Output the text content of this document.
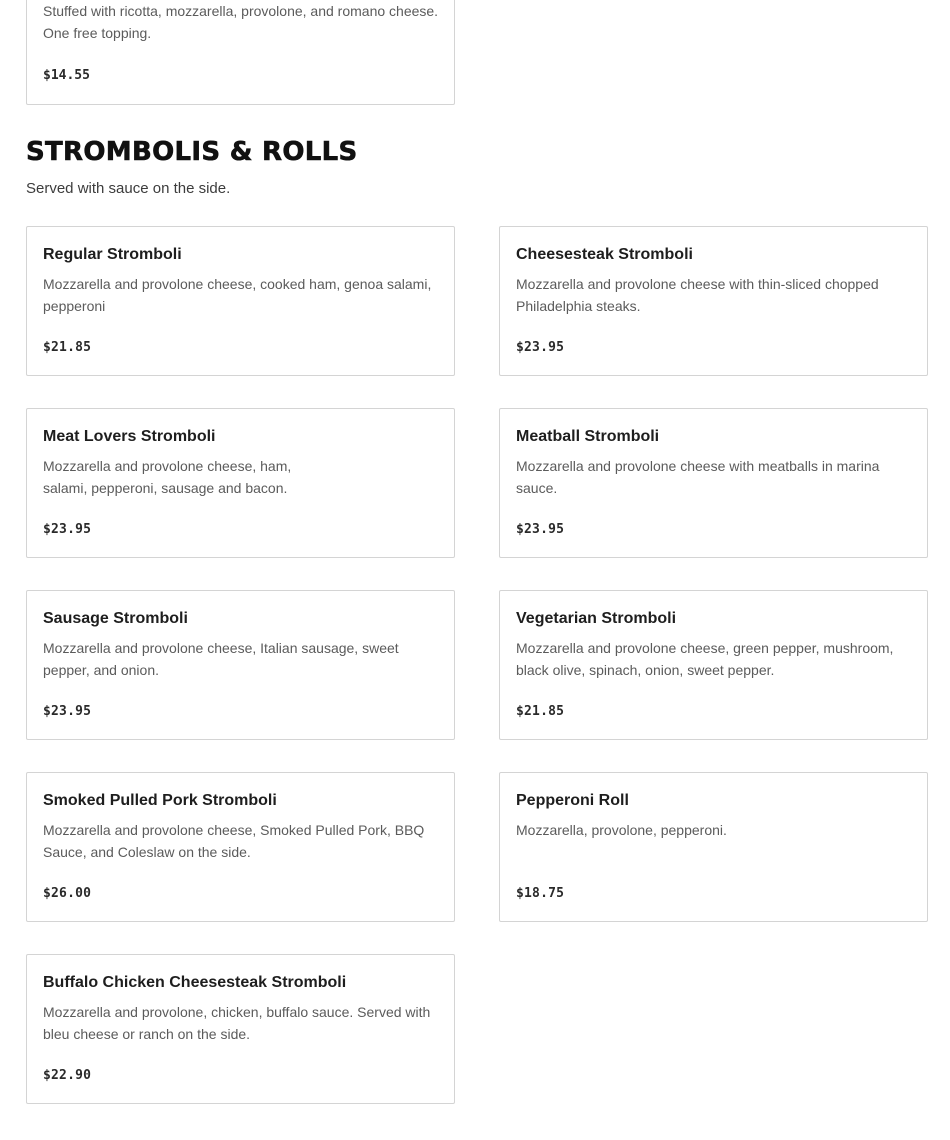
Stuffed with ricotta, mozzarella, provolone, and romano cheese. One free topping.
$14.55
STROMBOLIS & ROLLS
Served with sauce on the side.
Regular Stromboli
Mozzarella and provolone cheese, cooked ham, genoa salami, pepperoni
$21.85
Cheesesteak Stromboli
Mozzarella and provolone cheese with thin-sliced chopped Philadelphia steaks.
$23.95
Meat Lovers Stromboli
Mozzarella and provolone cheese, ham, salami, pepperoni, sausage and bacon.
$23.95
Meatball Stromboli
Mozzarella and provolone cheese with meatballs in marina sauce.
$23.95
Sausage Stromboli
Mozzarella and provolone cheese, Italian sausage, sweet pepper, and onion.
$23.95
Vegetarian Stromboli
Mozzarella and provolone cheese, green pepper, mushroom, black olive, spinach, onion, sweet pepper.
$21.85
Smoked Pulled Pork Stromboli
Mozzarella and provolone cheese, Smoked Pulled Pork, BBQ Sauce, and Coleslaw on the side.
$26.00
Pepperoni Roll
Mozzarella, provolone, pepperoni.
$18.75
Buffalo Chicken Cheesesteak Stromboli
Mozzarella and provolone, chicken, buffalo sauce. Served with bleu cheese or ranch on the side.
$22.90
